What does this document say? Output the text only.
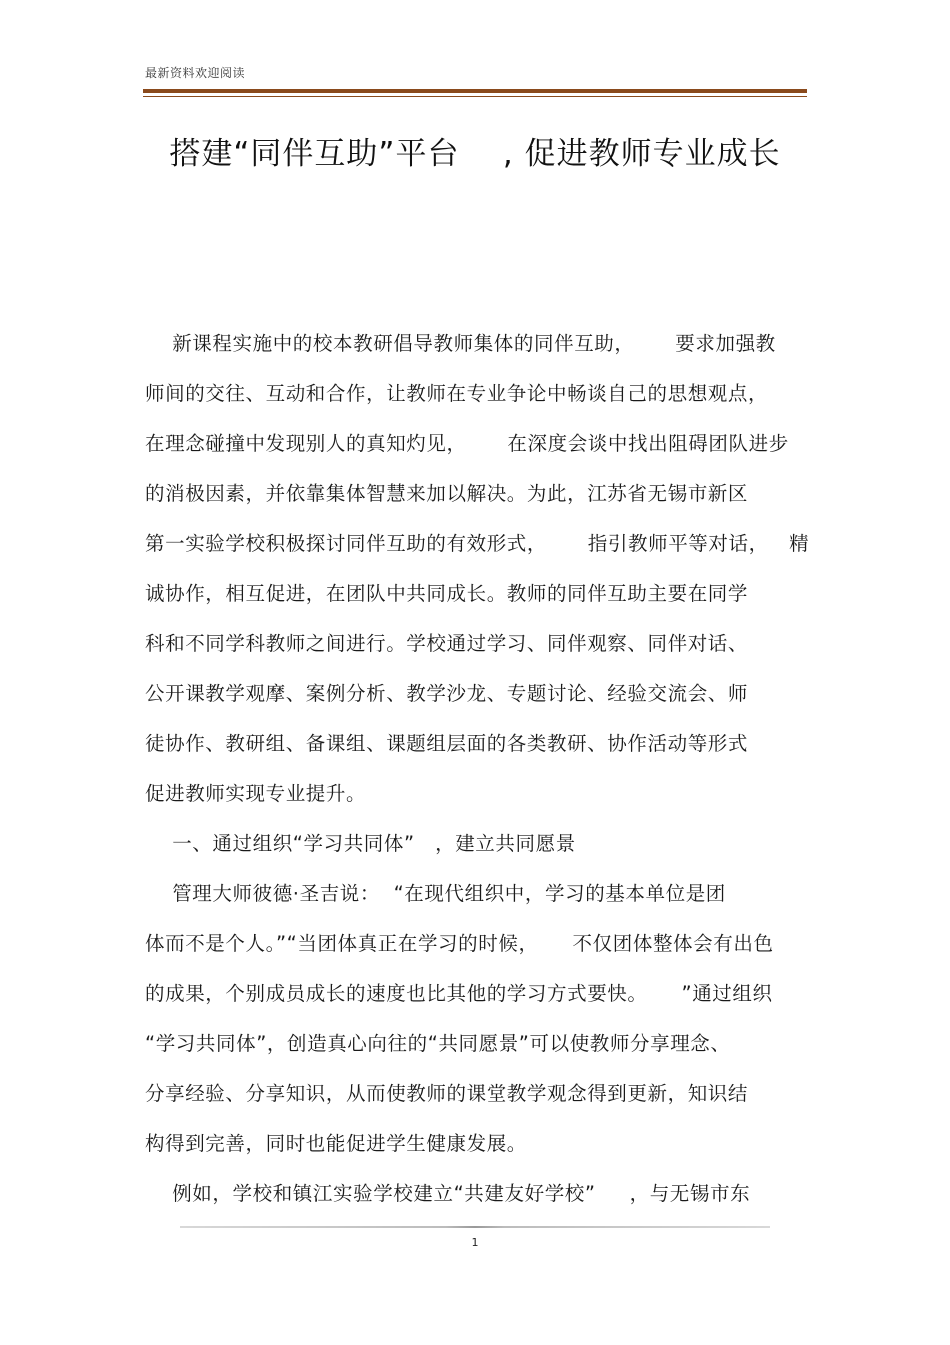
最新资料欢迎阅读
搭建“同伴互助”平台    , 促进教师专业成长
新课程实施中的校本教研倡导教师集体的同伴互助，      要求加强教
师间的交往、互动和合作，让教师在专业争论中畅谈自己的思想观点，
在理念碰撞中发现别人的真知灼见，      在深度会谈中找出阻碍团队进步
的消极因素，并依靠集体智慧来加以解决。为此，江苏省无锡市新区
第一实验学校积极探讨同伴互助的有效形式，      指引教师平等对话，   精
诚协作，相互促进，在团队中共同成长。教师的同伴互助主要在同学
科和不同学科教师之间进行。学校通过学习、同伴观察、同伴对话、
公开课教学观摩、案例分析、教学沙龙、专题讨论、经验交流会、师
徒协作、教研组、备课组、课题组层面的各类教研、协作活动等形式
促进教师实现专业提升。
一、通过组织“学习共同体”   ，建立共同愿景
管理大师彼德·圣吉说：  “在现代组织中，学习的基本单位是团
体而不是个人。”“当团体真正在学习的时候，     不仅团体整体会有出色
的成果，个别成员成长的速度也比其他的学习方式要快。     ”通过组织
“学习共同体”，创造真心向往的“共同愿景”可以使教师分享理念、
分享经验、分享知识，从而使教师的课堂教学观念得到更新，知识结
构得到完善，同时也能促进学生健康发展。
例如，学校和镇江实验学校建立“共建友好学校”     ，与无锡市东
1
